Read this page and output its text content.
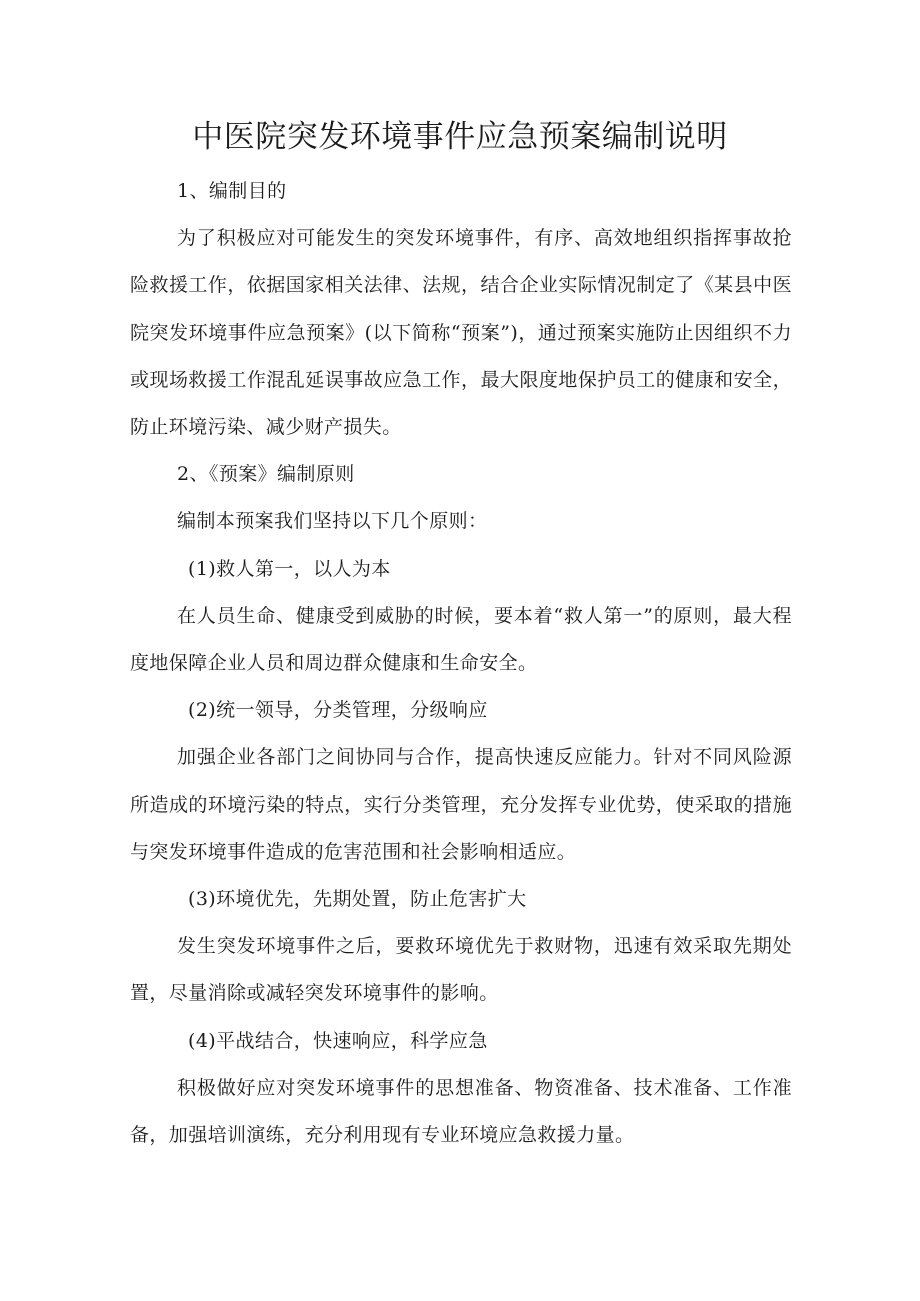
中医院突发环境事件应急预案编制说明

1、编制目的

为了积极应对可能发生的突发环境事件，有序、高效地组织指挥事故抢险救援工作，依据国家相关法律、法规，结合企业实际情况制定了《某县中医院突发环境事件应急预案》(以下简称“预案”)，通过预案实施防止因组织不力或现场救援工作混乱延误事故应急工作，最大限度地保护员工的健康和安全，防止环境污染、减少财产损失。

2、《预案》编制原则

编制本预案我们坚持以下几个原则：

(1)救人第一，以人为本

在人员生命、健康受到威胁的时候，要本着“救人第一”的原则，最大程度地保障企业人员和周边群众健康和生命安全。

(2)统一领导，分类管理，分级响应

加强企业各部门之间协同与合作，提高快速反应能力。针对不同风险源所造成的环境污染的特点，实行分类管理，充分发挥专业优势，使采取的措施与突发环境事件造成的危害范围和社会影响相适应。

(3)环境优先，先期处置，防止危害扩大

发生突发环境事件之后，要救环境优先于救财物，迅速有效采取先期处置，尽量消除或减轻突发环境事件的影响。

(4)平战结合，快速响应，科学应急

积极做好应对突发环境事件的思想准备、物资准备、技术准备、工作准备，加强培训演练，充分利用现有专业环境应急救援力量。
